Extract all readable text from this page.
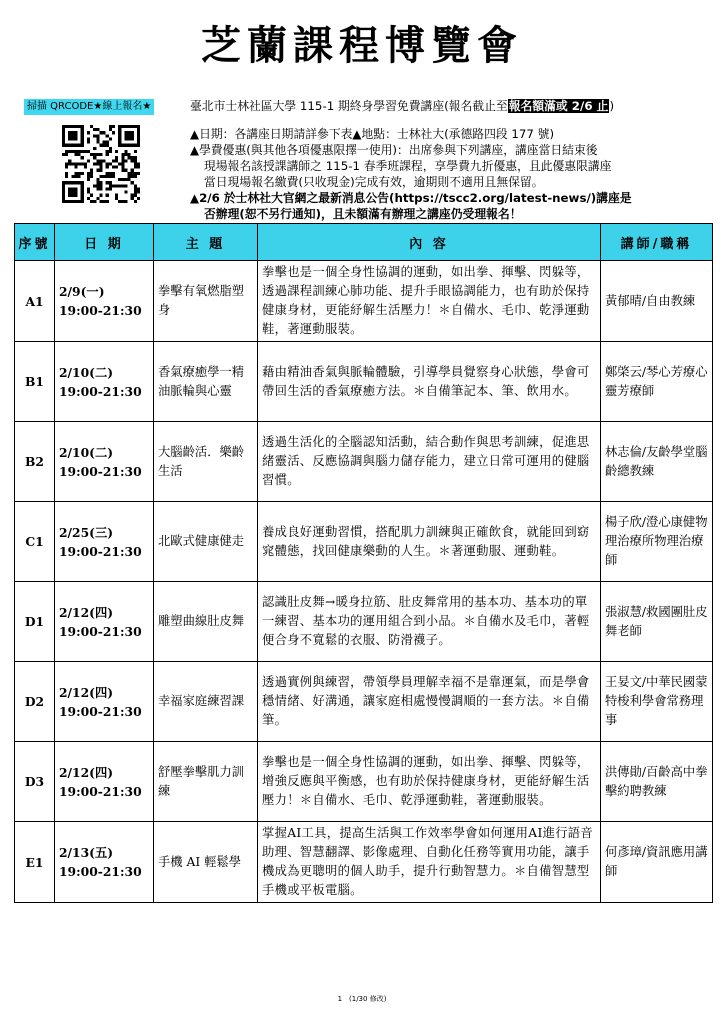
芝蘭課程博覽會
掃描 QRCODE★線上報名★	臺北市士林社區大學 115-1 期終身學習免費講座(報名截止至報名額滿或 2/6 止)

▲日期：各講座日期請詳參下表▲地點：士林社大(承德路四段 177 號)

▲學費優惠(與其他各項優惠限擇一使用)：出席參與下列講座，講座當日結束後

現場報名該授課講師之 115-1 春季班課程，享學費九折優惠，且此優惠限講座

當日現場報名繳費(只收現金)完成有效，逾期則不適用且無保留。

▲2/6 於士林社大官網之最新消息公告(https://tscc2.org/latest-news/)講座是

否辦理(恕不另行通知)，且未額滿有辦理之講座仍受理報名！

序號	日 期	主 題	內 容	講師/職稱
A1	2/9(一)
19:00-21:30	拳擊有氧燃脂塑身	拳擊也是一個全身性協調的運動，如出拳、揮擊、閃躲等，透過課程訓練心肺功能、提升手眼協調能力，也有助於保持健康身材，更能紓解生活壓力！＊自備水、毛巾、乾淨運動鞋，著運動服裝。	黃郁晴/自由教練
B1	2/10(二)
19:00-21:30	香氣療癒學一精油脈輪與心靈	藉由精油香氣與脈輪體驗，引導學員覺察身心狀態，學會可帶回生活的香氣療癒方法。＊自備筆記本、筆、飲用水。	鄭棨云/琴心芳療心靈芳療師
B2	2/10(二)
19:00-21:30	大腦齡活．樂齡生活	透過生活化的全腦認知活動，結合動作與思考訓練，促進思緒靈活、反應協調與腦力儲存能力，建立日常可運用的健腦習慣。	林志倫/友齡學堂腦齡總教練
C1	2/25(三)
19:00-21:30	北歐式健康健走	養成良好運動習慣，搭配肌力訓練與正確飲食，就能回到窈窕體態，找回健康樂動的人生。＊著運動服、運動鞋。	楊子欣/澄心康健物理治療所物理治療師
D1	2/12(四)
19:00-21:30	雕塑曲線肚皮舞	認識肚皮舞→暖身拉筋、肚皮舞常用的基本功、基本功的單一練習、基本功的運用組合到小品。＊自備水及毛巾，著輕便合身不寬鬆的衣服、防滑襪子。	張淑慧/救國團肚皮舞老師
D2	2/12(四)
19:00-21:30	幸福家庭練習課	透過實例與練習，帶領學員理解幸福不是靠運氣，而是學會穩情緒、好溝通，讓家庭相處慢慢調順的一套方法。＊自備筆。	王妟文/中華民國蒙特梭利學會常務理事
D3	2/12(四)
19:00-21:30	舒壓拳擊肌力訓練	拳擊也是一個全身性協調的運動，如出拳、揮擊、閃躲等，增強反應與平衡感，也有助於保持健康身材，更能紓解生活壓力！＊自備水、毛巾、乾淨運動鞋，著運動服裝。	洪傳勛/百齡高中拳擊約聘教練
E1	2/13(五)
19:00-21:30	手機 AI 輕鬆學	掌握AI工具，提高生活與工作效率學會如何運用AI進行語音助理、智慧翻譯、影像處理、自動化任務等實用功能，讓手機成為更聰明的個人助手，提升行動智慧力。＊自備智慧型手機或平板電腦。	何彥璋/資訊應用講師
1　(1/30 修改)
